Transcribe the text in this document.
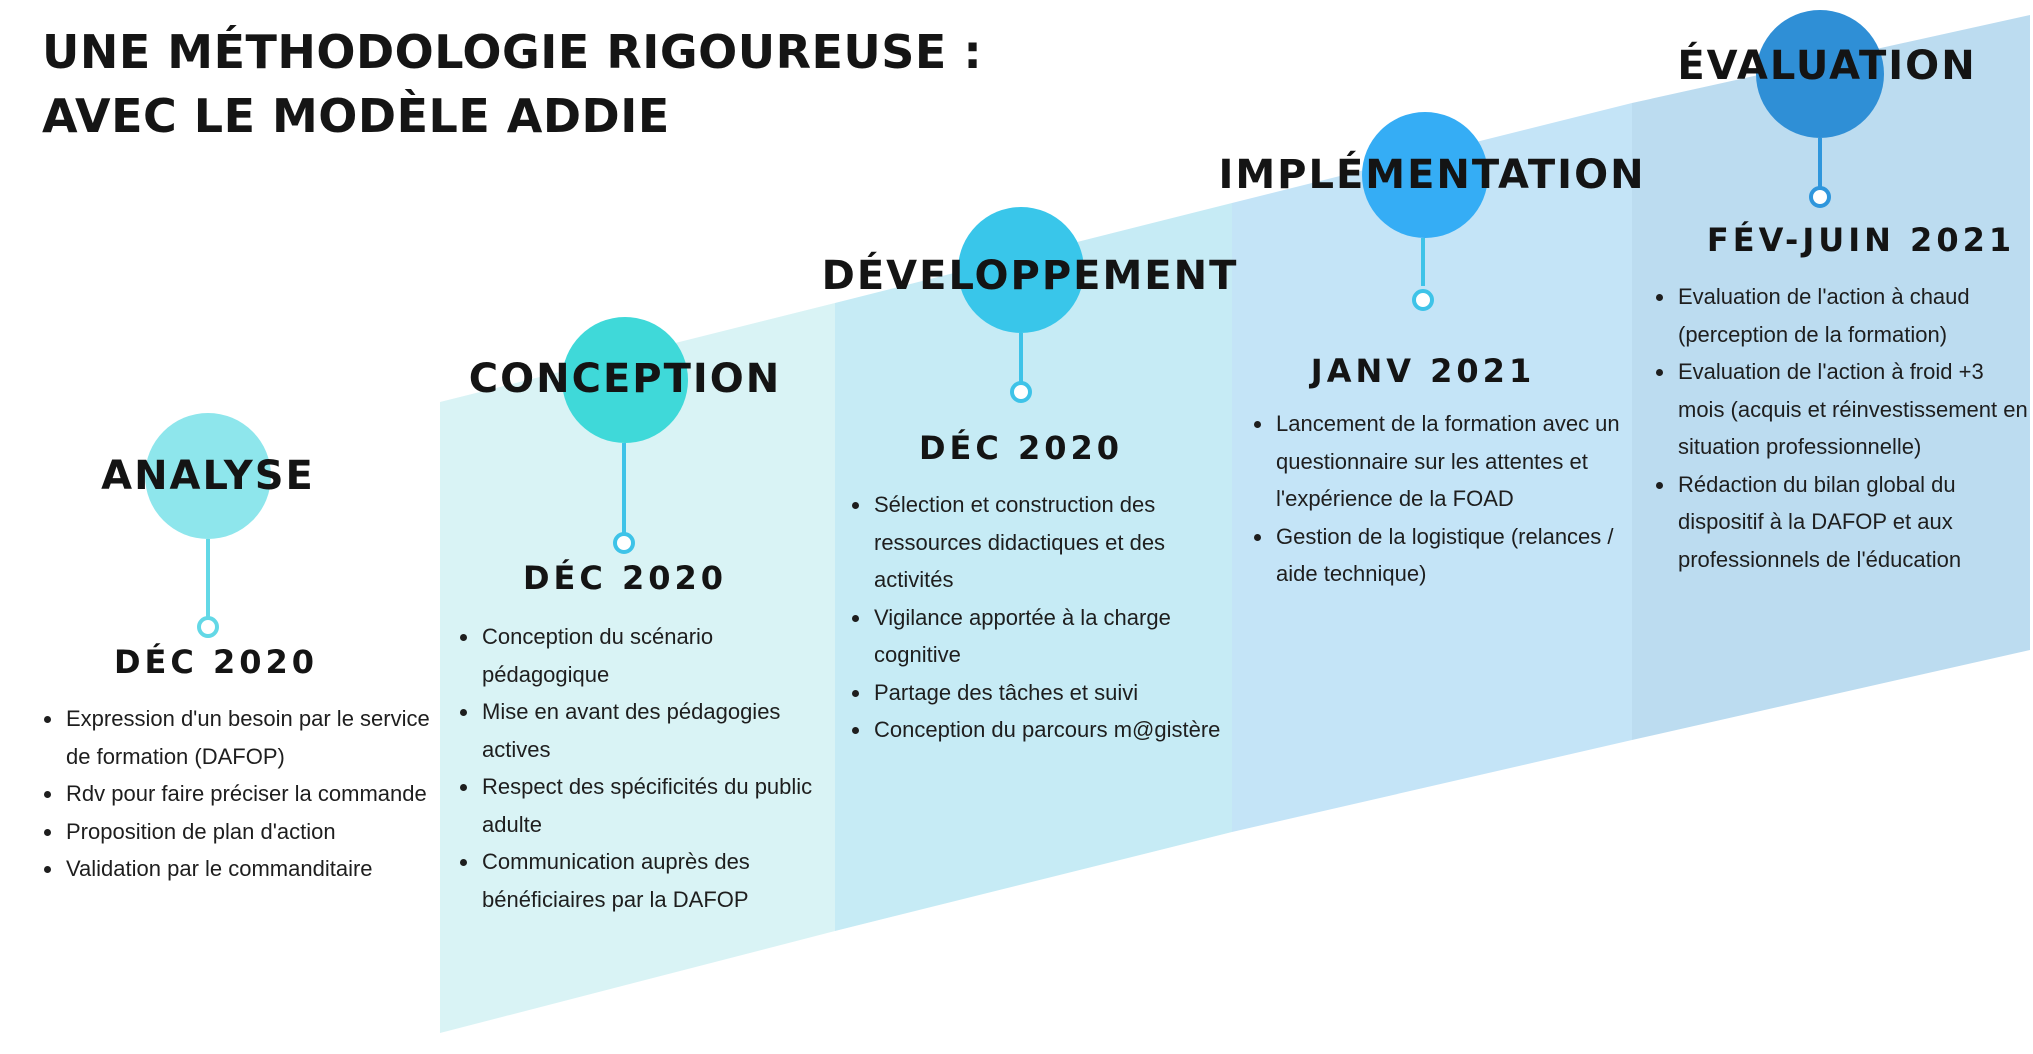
UNE MÉTHODOLOGIE RIGOUREUSE :
AVEC LE MODÈLE ADDIE
ANALYSE
DÉC 2020
• Expression d'un besoin par le service de formation (DAFOP)
• Rdv pour faire préciser la commande
• Proposition de plan d'action
• Validation par le commanditaire
CONCEPTION
DÉC 2020
• Conception du scénario pédagogique
• Mise en avant des pédagogies actives
• Respect des spécificités du public adulte
• Communication auprès des bénéficiaires par la DAFOP
DÉVELOPPEMENT
DÉC 2020
• Sélection et construction des ressources didactiques et des activités
• Vigilance apportée à la charge cognitive
• Partage des tâches et suivi
• Conception du parcours m@gistère
IMPLÉMENTATION
JANV 2021
• Lancement de la formation avec un questionnaire sur les attentes et l'expérience de la FOAD
• Gestion de la logistique (relances / aide technique)
ÉVALUATION
FÉV-JUIN 2021
• Evaluation de l'action à chaud (perception de la formation)
• Evaluation de l'action à froid +3 mois (acquis et réinvestissement en situation professionnelle)
• Rédaction du bilan global du dispositif à la DAFOP et aux professionnels de l'éducation
